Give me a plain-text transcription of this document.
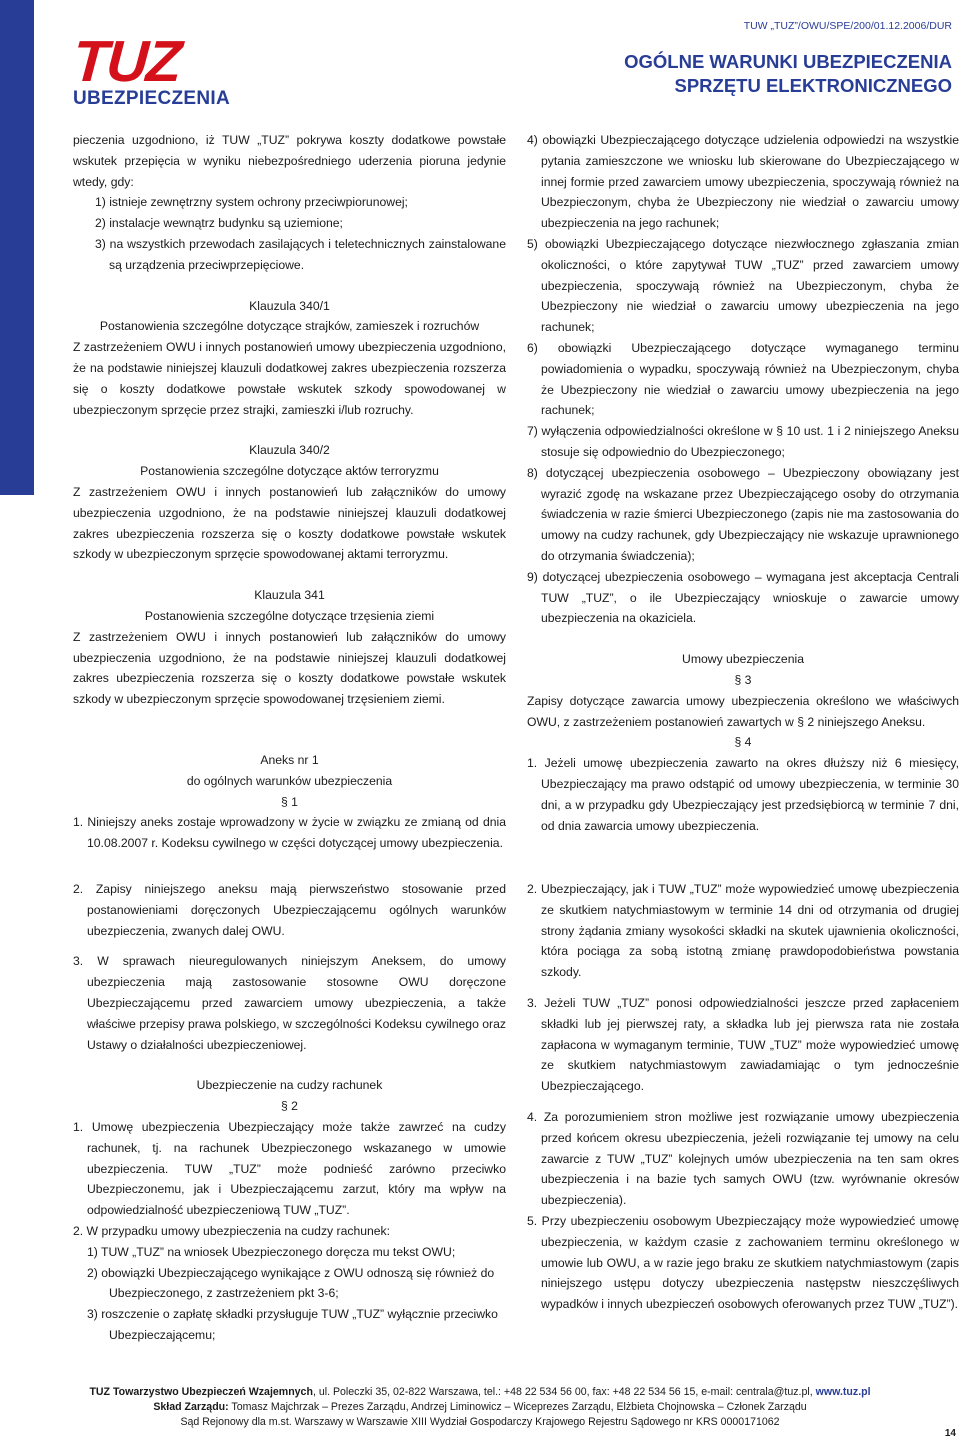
TUZ
UBEZPIECZENIA
TUW „TUZ”/OWU/SPE/200/01.12.2006/DUR
OGÓLNE WARUNKI UBEZPIECZENIA
SPRZĘTU ELEKTRONICZNEGO

pieczenia uzgodniono, iż TUW „TUZ” pokrywa koszty dodatkowe powstałe wskutek przepięcia w wyniku niebezpośredniego uderzenia pioruna jedynie wtedy, gdy:

1) istnieje zewnętrzny system ochrony przeciwpiorunowej;

2) instalacje wewnątrz budynku są uziemione;

3) na wszystkich przewodach zasilających i teletechnicznych zainstalowane są urządzenia przeciwprzepięciowe.

Klauzula 340/1

Postanowienia szczególne dotyczące strajków, zamieszek i rozruchów

Z zastrzeżeniem OWU i innych postanowień umowy ubezpieczenia uzgodniono, że na podstawie niniejszej klauzuli dodatkowej zakres ubezpieczenia rozszerza się o koszty dodatkowe powstałe wskutek szkody spowodowanej w ubezpieczonym sprzęcie przez strajki, zamieszki i/lub rozruchy.

Klauzula 340/2

Postanowienia szczególne dotyczące aktów terroryzmu

Z zastrzeżeniem OWU i innych postanowień lub załączników do umowy ubezpieczenia uzgodniono, że na podstawie niniejszej klauzuli dodatkowej zakres ubezpieczenia rozszerza się o koszty dodatkowe powstałe wskutek szkody w ubezpieczonym sprzęcie spowodowanej aktami terroryzmu.

Klauzula 341

Postanowienia szczególne dotyczące trzęsienia ziemi

Z zastrzeżeniem OWU i innych postanowień lub załączników do umowy ubezpieczenia uzgodniono, że na podstawie niniejszej klauzuli dodatkowej zakres ubezpieczenia rozszerza się o koszty dodatkowe powstałe wskutek szkody w ubezpieczonym sprzęcie spowodowanej trzęsieniem ziemi.

Aneks nr 1

do ogólnych warunków ubezpieczenia

§ 1

1. Niniejszy aneks zostaje wprowadzony w życie w związku ze zmianą od dnia 10.08.2007 r. Kodeksu cywilnego w części dotyczącej umowy ubezpieczenia.

4) obowiązki Ubezpieczającego dotyczące udzielenia odpowiedzi na wszystkie pytania zamieszczone we wniosku lub skierowane do Ubezpieczającego w innej formie przed zawarciem umowy ubezpieczenia, spoczywają również na Ubezpieczonym, chyba że Ubezpieczony nie wiedział o zawarciu umowy ubezpieczenia na jego rachunek;

5) obowiązki Ubezpieczającego dotyczące niezwłocznego zgłaszania zmian okoliczności, o które zapytywał TUW „TUZ” przed zawarciem umowy ubezpieczenia, spoczywają również na Ubezpieczonym, chyba że Ubezpieczony nie wiedział o zawarciu umowy ubezpieczenia na jego rachunek;

6) obowiązki Ubezpieczającego dotyczące wymaganego terminu powiadomienia o wypadku, spoczywają również na Ubezpieczonym, chyba że Ubezpieczony nie wiedział o zawarciu umowy ubezpieczenia na jego rachunek;

7) wyłączenia odpowiedzialności określone w § 10 ust. 1 i 2 niniejszego Aneksu stosuje się odpowiednio do Ubezpieczonego;

8) dotyczącej ubezpieczenia osobowego – Ubezpieczony obowiązany jest wyrazić zgodę na wskazane przez Ubezpieczającego osoby do otrzymania świadczenia w razie śmierci Ubezpieczonego (zapis nie ma zastosowania do umowy na cudzy rachunek, gdy Ubezpieczający nie wskazuje uprawnionego do otrzymania świadczenia);

9) dotyczącej ubezpieczenia osobowego – wymagana jest akceptacja Centrali TUW „TUZ”, o ile Ubezpieczający wnioskuje o zawarcie umowy ubezpieczenia na okaziciela.

Umowy ubezpieczenia

§ 3

Zapisy dotyczące zawarcia umowy ubezpieczenia określono we właściwych OWU, z zastrzeżeniem postanowień zawartych w § 2 niniejszego Aneksu.

§ 4

1. Jeżeli umowę ubezpieczenia zawarto na okres dłuższy niż 6 miesięcy, Ubezpieczający ma prawo odstąpić od umowy ubezpieczenia, w terminie 30 dni, a w przypadku gdy Ubezpieczający jest przedsiębiorcą w terminie 7 dni, od dnia zawarcia umowy ubezpieczenia.

2. Zapisy niniejszego aneksu mają pierwszeństwo stosowanie przed postanowieniami doręczonych Ubezpieczającemu ogólnych warunków ubezpieczenia, zwanych dalej OWU.

3. W sprawach nieuregulowanych niniejszym Aneksem, do umowy ubezpieczenia mają zastosowanie stosowne OWU doręczone Ubezpieczającemu przed zawarciem umowy ubezpieczenia, a także właściwe przepisy prawa polskiego, w szczególności Kodeksu cywilnego oraz Ustawy o działalności ubezpieczeniowej.

Ubezpieczenie na cudzy rachunek

§ 2

1. Umowę ubezpieczenia Ubezpieczający może także zawrzeć na cudzy rachunek, tj. na rachunek Ubezpieczonego wskazanego w umowie ubezpieczenia. TUW „TUZ” może podnieść zarówno przeciwko Ubezpieczonemu, jak i Ubezpieczającemu zarzut, który ma wpływ na odpowiedzialność ubezpieczeniową TUW „TUZ”.

2. W przypadku umowy ubezpieczenia na cudzy rachunek:

1) TUW „TUZ” na wniosek Ubezpieczonego doręcza mu tekst OWU;

2) obowiązki Ubezpieczającego wynikające z OWU odnoszą się również do Ubezpieczonego, z zastrzeżeniem pkt 3-6;

3) roszczenie o zapłatę składki przysługuje TUW „TUZ” wyłącznie przeciwko Ubezpieczającemu;

2. Ubezpieczający, jak i TUW „TUZ” może wypowiedzieć umowę ubezpieczenia ze skutkiem natychmiastowym w terminie 14 dni od otrzymania od drugiej strony żądania zmiany wysokości składki na skutek ujawnienia okoliczności, która pociąga za sobą istotną zmianę prawdopodobieństwa powstania szkody.

3. Jeżeli TUW „TUZ” ponosi odpowiedzialności jeszcze przed zapłaceniem składki lub jej pierwszej raty, a składka lub jej pierwsza rata nie została zapłacona w wymaganym terminie, TUW „TUZ” może wypowiedzieć umowę ze skutkiem natychmiastowym zawiadamiając o tym jednocześnie Ubezpieczającego.

4. Za porozumieniem stron możliwe jest rozwiązanie umowy ubezpieczenia przed końcem okresu ubezpieczenia, jeżeli rozwiązanie tej umowy na celu zawarcie z TUW „TUZ” kolejnych umów ubezpieczenia na ten sam okres ubezpieczenia i na bazie tych samych OWU (tzw. wyrównanie okresów ubezpieczenia).

5. Przy ubezpieczeniu osobowym Ubezpieczający może wypowiedzieć umowę ubezpieczenia, w każdym czasie z zachowaniem terminu określonego w umowie lub OWU, a w razie jego braku ze skutkiem natychmiastowym (zapis niniejszego ustępu dotyczy ubezpieczenia następstw nieszczęśliwych wypadków i innych ubezpieczeń osobowych oferowanych przez TUW „TUZ”).

TUZ Towarzystwo Ubezpieczeń Wzajemnych, ul. Poleczki 35, 02-822 Warszawa, tel.: +48 22 534 56 00, fax: +48 22 534 56 15, e-mail: centrala@tuz.pl, www.tuz.pl
Skład Zarządu: Tomasz Majchrzak – Prezes Zarządu, Andrzej Liminowicz – Wiceprezes Zarządu, Elżbieta Chojnowska – Członek Zarządu
Sąd Rejonowy dla m.st. Warszawy w Warszawie XIII Wydział Gospodarczy Krajowego Rejestru Sądowego nr KRS 0000171062
14
